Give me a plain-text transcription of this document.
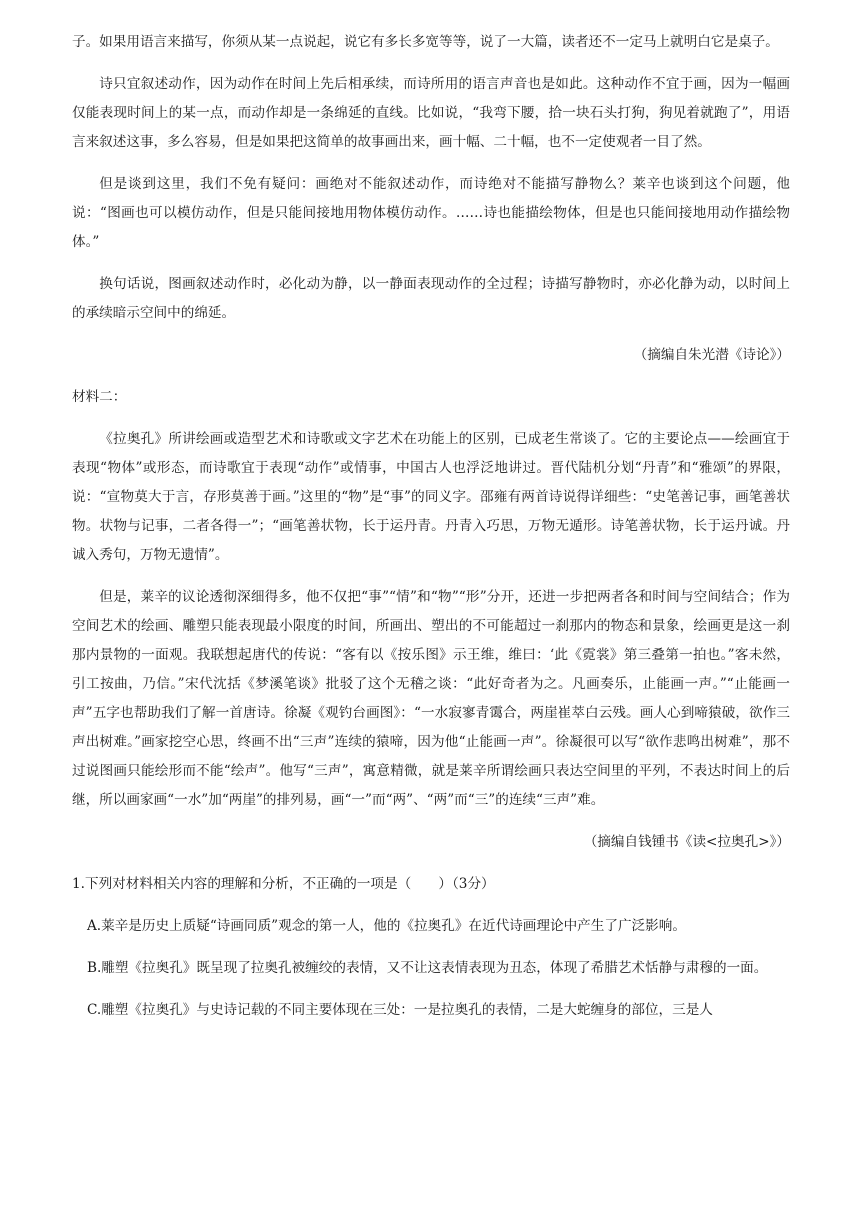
子。如果用语言来描写，你须从某一点说起，说它有多长多宽等等，说了一大篇，读者还不一定马上就明白它是桌子。

诗只宜叙述动作，因为动作在时间上先后相承续，而诗所用的语言声音也是如此。这种动作不宜于画，因为一幅画仅能表现时间上的某一点，而动作却是一条绵延的直线。比如说，“我弯下腰，拾一块石头打狗，狗见着就跑了”，用语言来叙述这事，多么容易，但是如果把这简单的故事画出来，画十幅、二十幅，也不一定使观者一目了然。

但是谈到这里，我们不免有疑问：画绝对不能叙述动作，而诗绝对不能描写静物么？莱辛也谈到这个问题，他说：“图画也可以模仿动作，但是只能间接地用物体模仿动作。……诗也能描绘物体，但是也只能间接地用动作描绘物体。”

换句话说，图画叙述动作时，必化动为静，以一静面表现动作的全过程；诗描写静物时，亦必化静为动，以时间上的承续暗示空间中的绵延。

（摘编自朱光潜《诗论》）

材料二：

《拉奥孔》所讲绘画或造型艺术和诗歌或文字艺术在功能上的区别，已成老生常谈了。它的主要论点——绘画宜于表现“物体”或形态，而诗歌宜于表现“动作”或情事，中国古人也浮泛地讲过。晋代陆机分划“丹青”和“雅颂”的界限，说：“宣物莫大于言，存形莫善于画。”这里的“物”是“事”的同义字。邵雍有两首诗说得详细些：“史笔善记事，画笔善状物。状物与记事，二者各得一”；“画笔善状物，长于运丹青。丹青入巧思，万物无遁形。诗笔善状物，长于运丹诚。丹诚入秀句，万物无遗情”。

但是，莱辛的议论透彻深细得多，他不仅把“事”“情”和“物”“形”分开，还进一步把两者各和时间与空间结合；作为空间艺术的绘画、雕塑只能表现最小限度的时间，所画出、塑出的不可能超过一刹那内的物态和景象，绘画更是这一刹那内景物的一面观。我联想起唐代的传说：“客有以《按乐图》示王维，维曰：‘此《霓裳》第三叠第一拍也。”客未然，引工按曲，乃信。”宋代沈括《梦溪笔谈》批驳了这个无稽之谈：“此好奇者为之。凡画奏乐，止能画一声。”“止能画一声”五字也帮助我们了解一首唐诗。徐凝《观钓台画图》：“一水寂寥青霭合，两崖崔萃白云残。画人心到啼猿破，欲作三声出树难。”画家挖空心思，终画不出“三声”连续的猿啼，因为他“止能画一声”。徐凝很可以写“欲作悲鸣出树难”，那不过说图画只能绘形而不能“绘声”。他写“三声”，寓意精微，就是莱辛所谓绘画只表达空间里的平列，不表达时间上的后继，所以画家画“一水”加“两崖”的排列易，画“一”而“两”、“两”而“三”的连续“三声”难。

（摘编自钱锺书《读<拉奥孔>》）

1.下列对材料相关内容的理解和分析，不正确的一项是（　　）（3分）

A.莱辛是历史上质疑“诗画同质”观念的第一人，他的《拉奥孔》在近代诗画理论中产生了广泛影响。

B.雕塑《拉奥孔》既呈现了拉奥孔被缠绞的表情，又不让这表情表现为丑态，体现了希腊艺术恬静与肃穆的一面。

C.雕塑《拉奥孔》与史诗记载的不同主要体现在三处：一是拉奥孔的表情，二是大蛇缠身的部位，三是人
